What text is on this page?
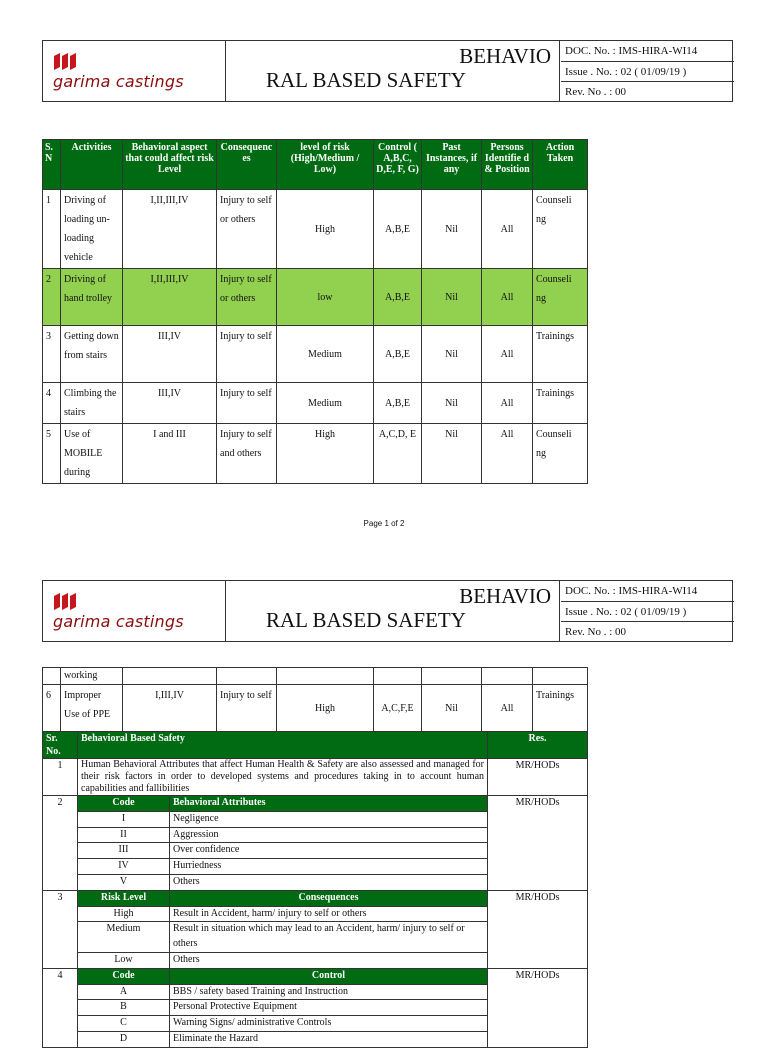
garima castings
BEHAVIO
RAL BASED SAFETY
DOC. No. : IMS-HIRA-WI14
Issue . No. : 02 ( 01/09/19 )
Rev. No . : 00
S. N	Activities	Behavioral aspect that could affect risk Level	Consequenc es	level of risk (High/Medium / Low)	Control ( A,B,C, D,E, F, G)	Past Instances, if any	Persons Identifie d & Position	Action Taken
1	Driving of loading un-loading vehicle	I,II,III,IV	Injury to self or others	High	A,B,E	Nil	All	Counseli ng
2	Driving of hand trolley	I,II,III,IV	Injury to self or others	low	A,B,E	Nil	All	Counseli ng
3	Getting down from stairs	III,IV	Injury to self	Medium	A,B,E	Nil	All	Trainings
4	Climbing the stairs	III,IV	Injury to self	Medium	A,B,E	Nil	All	Trainings
5	Use of MOBILE during	I and III	Injury to self and others	High	A,C,D, E	Nil	All	Counseli ng
Page 1 of 2
garima castings
BEHAVIO
RAL BASED SAFETY
DOC. No. : IMS-HIRA-WI14
Issue . No. : 02 ( 01/09/19 )
Rev. No . : 00
	working							
6	Improper Use of PPE	I,III,IV	Injury to self	High	A,C,F,E	Nil	All	Trainings
Sr. No.	Behavioral Based Safety		Res.
1	Human Behavioral Attributes that affect Human Health & Safety are also assessed and managed for their risk factors in order to developed systems and procedures taking in to account human capabilities and fallibilities		MR/HODs
2	Code	Behavioral Attributes	MR/HODs
	I	Negligence	
	II	Aggression	
	III	Over confidence	
	IV	Hurriedness	
	V	Others	
3	Risk Level	Consequences	MR/HODs
	High	Result in Accident, harm/ injury to self or others	
	Medium	Result in situation which may lead to an Accident, harm/ injury to self or others	
	Low	Others	
4	Code	Control	MR/HODs
	A	BBS / safety based Training and Instruction	
	B	Personal Protective Equipment	
	C	Warning Signs/ administrative Controls	
	D	Eliminate the Hazard	
